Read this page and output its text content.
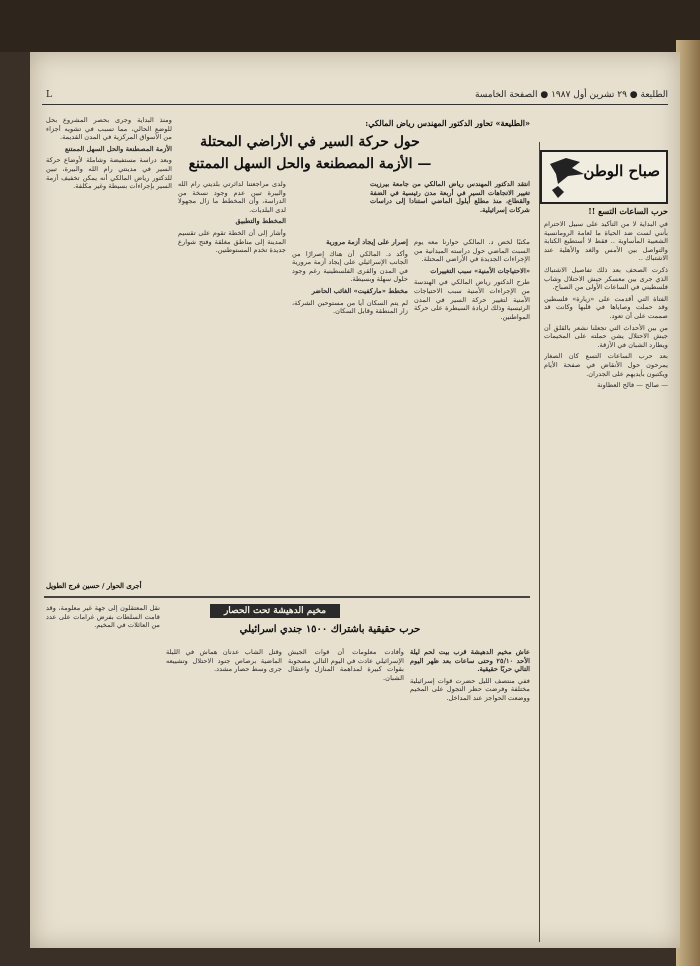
الطليعة ● ٢٩ تشرين أول ١٩٨٧ ● الصفحة الخامسة
L
صباح الوطن
حرب الساعات التسع !!

في البداية لا من التأكيد على سبيل الاحترام بأنني لست ضد الحياة ما لعامة الرومانسية الشعبية المأساوية .. فقط لا أستطيع الكتابة والتواصل بين الأمس والغد والأهلية عند الاشتباك ..

ذكرت الصحف بعد ذلك تفاصيل الاشتباك الذي جرى بين معسكر جيش الاحتلال وشاب فلسطيني في الساعات الأولى من الصباح.

الفتاة التي أقدمت على «زيارة» فلسطين وقد حملت وصاياها في قلبها وكانت قد صممت على أن تعود.

من بين الأحداث التي تجعلنا نشعر بالقلق أن جيش الاحتلال يشن حملته على المخيمات ويطارد الشبان في الأزقة.

بعد حرب الساعات التسع كان الصغار يمرحون حول الأنقاض في صفحة الأيام ويكتبون بأيديهم على الجدران.

— صالح — فالح العطاونة

«الطليعة» تحاور الدكتور المهندس رياض المالكي:
حول حركة السير في الأراضي المحتلة
— الأزمة المصطنعة والحل السهل الممتنع
انتقد الدكتور المهندس رياض المالكي من جامعة بيرزيت تغيير الاتجاهات السير في أربعة مدن رئيسية في الضفة والقطاع، منذ مطلع أيلول الماضي استنادا إلى دراسات شركات إسرائيلية.

مكتبًا لخص د. المالكي حوارنا معه يوم السبت الماضي حول دراسته الميدانية من الإجراءات الجديدة في الأراضي المحتلة.

«الاحتياجات الأمنية» سبب التغييرات

طرح الدكتور رياض المالكي في الهندسة من الإجراءات الأمنية سبب الاحتياجات الأمنية لتغيير حركة السير في المدن الرئيسية وذلك لزيادة السيطرة على حركة المواطنين.

إصرار على إيجاد أزمة مرورية

وأكد د. المالكي أن هناك إصرارًا من الجانب الإسرائيلي على إيجاد أزمة مرورية في المدن والقرى الفلسطينية رغم وجود حلول سهلة وبسيطة.

مخطط «ماركفيت» الغائب الحاضر

لم يتم السكان أيا من مستوحين الشركة، زار المنطقة وقابل السكان.

ولدى مراجعتنا لدائرتي بلديتي رام الله والبيرة تبين عدم وجود نسخة من الدراسة، وأن المخطط ما زال مجهولا لدى البلديات.

المخطط والتطبيق

وأشار إلى أن الخطة تقوم على تقسيم المدينة إلى مناطق مغلقة وفتح شوارع جديدة تخدم المستوطنين.

ومنذ البداية وجرى بحصر المشروع بحل للوضع الحالي، مما تسبب في تشويه أجزاء من الأسواق المركزية في المدن القديمة.

الأزمة المصطنعة والحل السهل الممتنع

وبعد دراسة مستفيضة وشاملة لأوضاع حركة السير في مدينتي رام الله والبيرة، تبين للدكتور رياض المالكي أنه يمكن تخفيف أزمة السير بإجراءات بسيطة وغير مكلفة.

أجرى الحوار / حسين فرج الطويل
مخيم الدهيشة تحت الحصار
حرب حقيقية باشتراك ١٥٠٠ جندي اسرائيلي

عاش مخيم الدهيشة قرب بيت لحم ليلة الأحد ٢٥/١٠ وحتى ساعات بعد ظهر اليوم التالي حربًا حقيقية.

ففي منتصف الليل حضرت قوات إسرائيلية مختلفة وفرضت حظر التجول على المخيم ووضعت الحواجز عند المداخل.

وأفادت معلومات أن قوات الجيش الإسرائيلي عادت في اليوم التالي مصحوبة بقوات كبيرة لمداهمة المنازل واعتقال الشبان.

وقتل الشاب عدنان هماش في الليلة الماضية برصاص جنود الاحتلال وتشييعه جرى وسط حصار مشدد.

نقل المعتقلون إلى جهة غير معلومة، وقد قامت السلطات بفرض غرامات على عدد من العائلات في المخيم.
